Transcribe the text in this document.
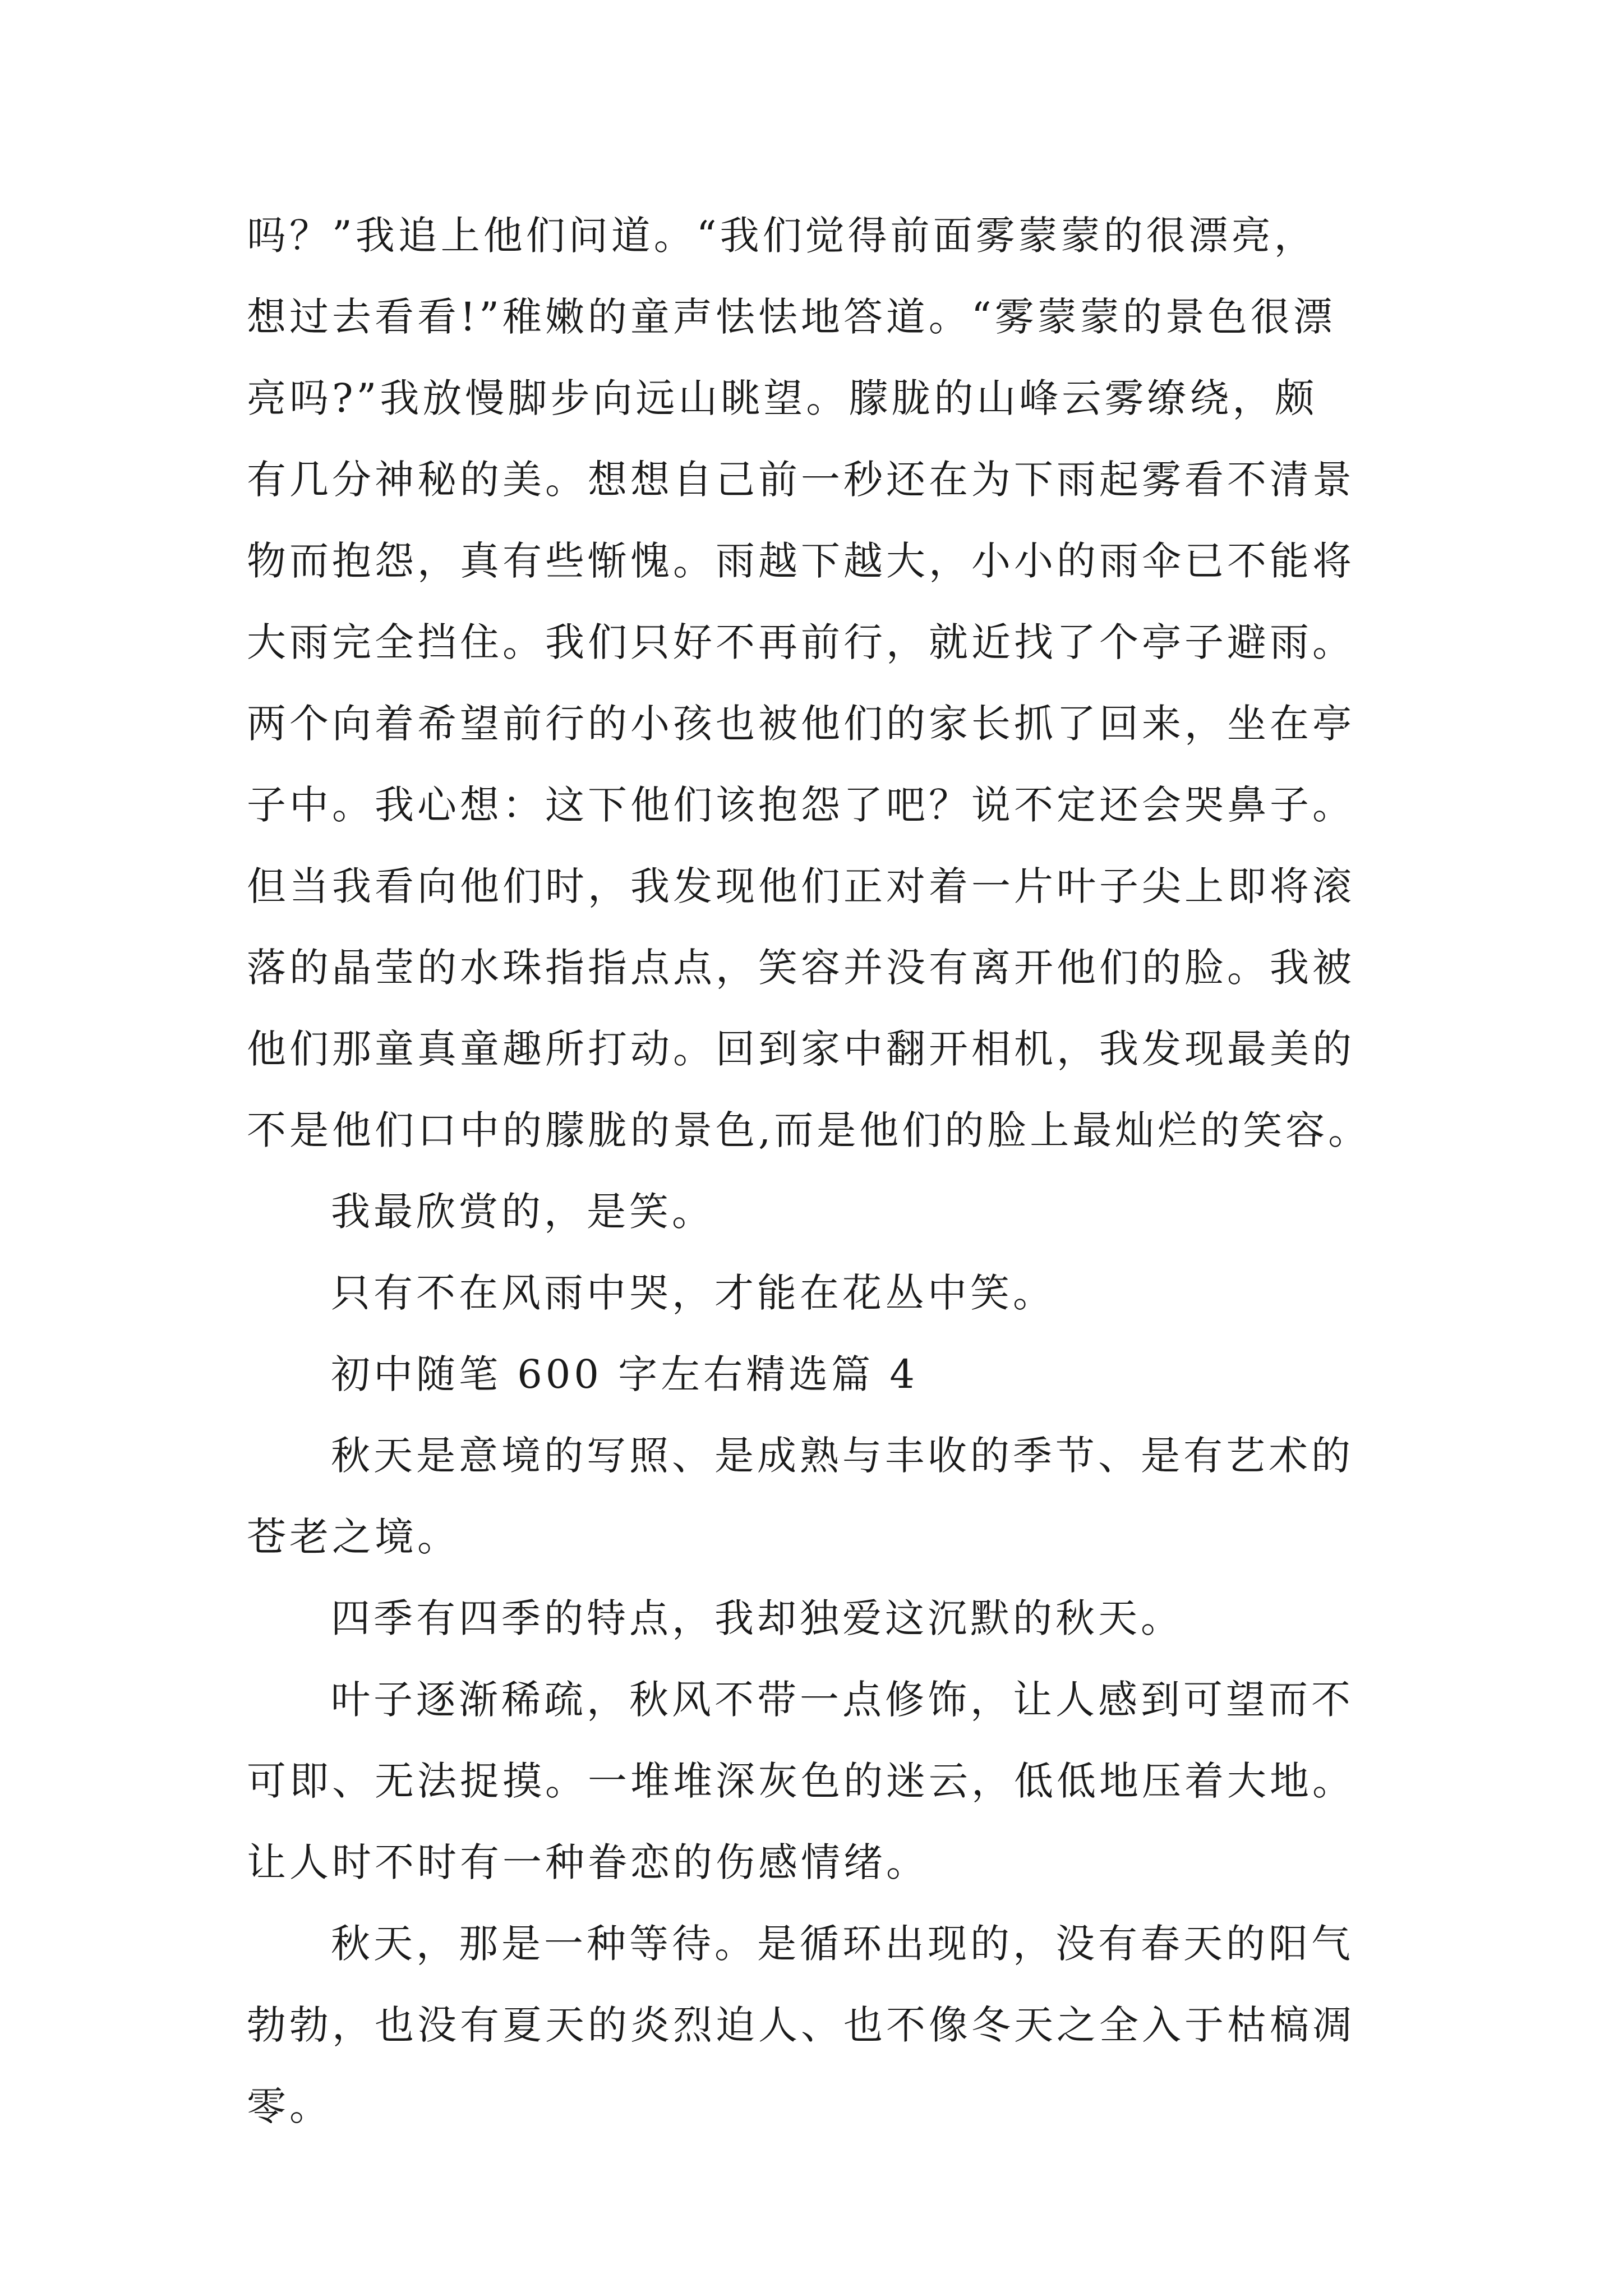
吗？”我追上他们问道。“我们觉得前面雾蒙蒙的很漂亮，
想过去看看!”稚嫩的童声怯怯地答道。“雾蒙蒙的景色很漂
亮吗?”我放慢脚步向远山眺望。朦胧的山峰云雾缭绕，颇
有几分神秘的美。想想自己前一秒还在为下雨起雾看不清景
物而抱怨，真有些惭愧。雨越下越大，小小的雨伞已不能将
大雨完全挡住。我们只好不再前行，就近找了个亭子避雨。
两个向着希望前行的小孩也被他们的家长抓了回来，坐在亭
子中。我心想：这下他们该抱怨了吧？说不定还会哭鼻子。
但当我看向他们时，我发现他们正对着一片叶子尖上即将滚
落的晶莹的水珠指指点点，笑容并没有离开他们的脸。我被
他们那童真童趣所打动。回到家中翻开相机，我发现最美的
不是他们口中的朦胧的景色,而是他们的脸上最灿烂的笑容。
我最欣赏的，是笑。
只有不在风雨中哭，才能在花丛中笑。
初中随笔 600 字左右精选篇 4
秋天是意境的写照、是成熟与丰收的季节、是有艺术的
苍老之境。
四季有四季的特点，我却独爱这沉默的秋天。
叶子逐渐稀疏，秋风不带一点修饰，让人感到可望而不
可即、无法捉摸。一堆堆深灰色的迷云，低低地压着大地。
让人时不时有一种眷恋的伤感情绪。
秋天，那是一种等待。是循环出现的，没有春天的阳气
勃勃，也没有夏天的炎烈迫人、也不像冬天之全入于枯槁凋
零。
